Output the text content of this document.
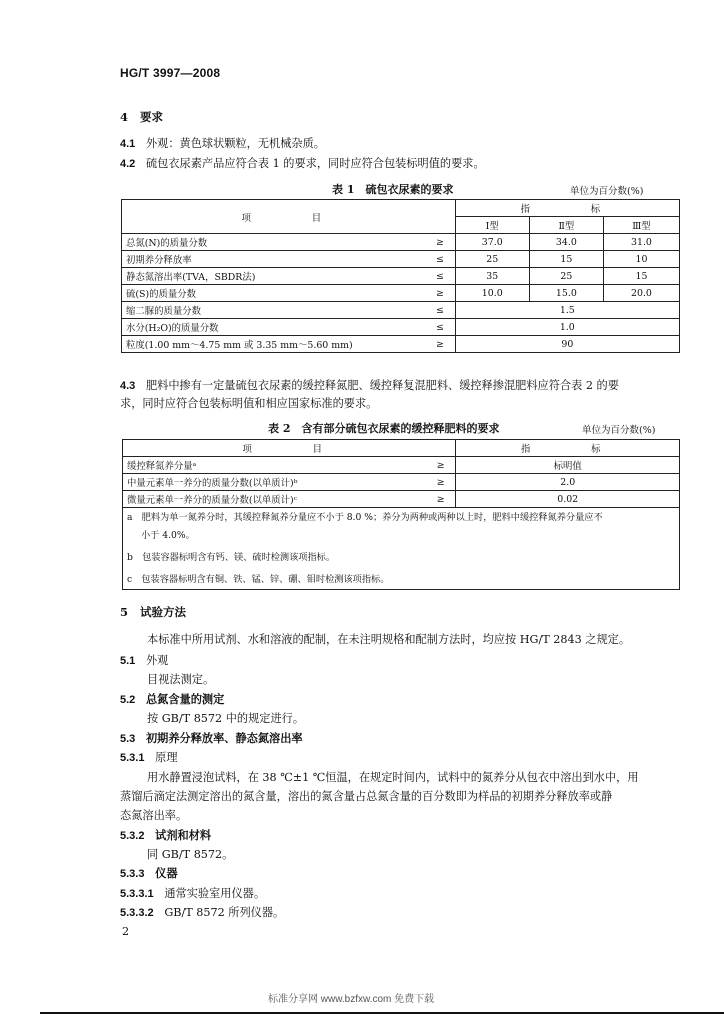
HG/T 3997—2008
4 要求
4.1 外观：黄色球状颗粒，无机械杂质。
4.2 硫包衣尿素产品应符合表 1 的要求，同时应符合包装标明值的要求。
表 1　硫包衣尿素的要求	单位为百分数(%)
项　　目		指　　标		
		Ⅰ型	Ⅱ型	Ⅲ型
总氮(N)的质量分数	≥	37.0	34.0	31.0
初期养分释放率	≤	25	15	10
静态氮溶出率(TVA，SBDR法)	≤	35	25	15
硫(S)的质量分数	≥	10.0	15.0	20.0
缩二脲的质量分数	≤	1.5		
水分(H₂O)的质量分数	≤	1.0		
粒度(1.00 mm～4.75 mm 或 3.35 mm～5.60 mm)	≥	90		
4.3 肥料中掺有一定量硫包衣尿素的缓控释氮肥、缓控释复混肥料、缓控释掺混肥料应符合表 2 的要
求，同时应符合包装标明值和相应国家标准的要求。
表 2　含有部分硫包衣尿素的缓控释肥料的要求	单位为百分数(%)
项　　目		指　　标
缓控释氮养分量ᵃ	≥	标明值
中量元素单一养分的质量分数(以单质计)ᵇ	≥	2.0
微量元素单一养分的质量分数(以单质计)ᶜ	≥	0.02

a　肥料为单一氮养分时，其缓控释氮养分量应不小于 8.0 %；养分为两种或两种以上时，肥料中缓控释氮养分量应不
小于 4.0%。
b　包装容器标明含有钙、镁、硫时检测该项指标。
c　包装容器标明含有铜、铁、锰、锌、硼、钼时检测该项指标。		
5 试验方法
本标准中所用试剂、水和溶液的配制，在未注明规格和配制方法时，均应按 HG/T 2843 之规定。
5.1 外观
目视法测定。
5.2 总氮含量的测定
按 GB/T 8572 中的规定进行。
5.3 初期养分释放率、静态氮溶出率
5.3.1 原理
用水静置浸泡试料，在 38 ℃±1 ℃恒温，在规定时间内，试料中的氮养分从包衣中溶出到水中，用
蒸馏后滴定法测定溶出的氮含量，溶出的氮含量占总氮含量的百分数即为样品的初期养分释放率或静
态氮溶出率。
5.3.2 试剂和材料
同 GB/T 8572。
5.3.3 仪器
5.3.3.1 通常实验室用仪器。
5.3.3.2 GB/T 8572 所列仪器。
2
标准分享网 www.bzfxw.com 免费下载
